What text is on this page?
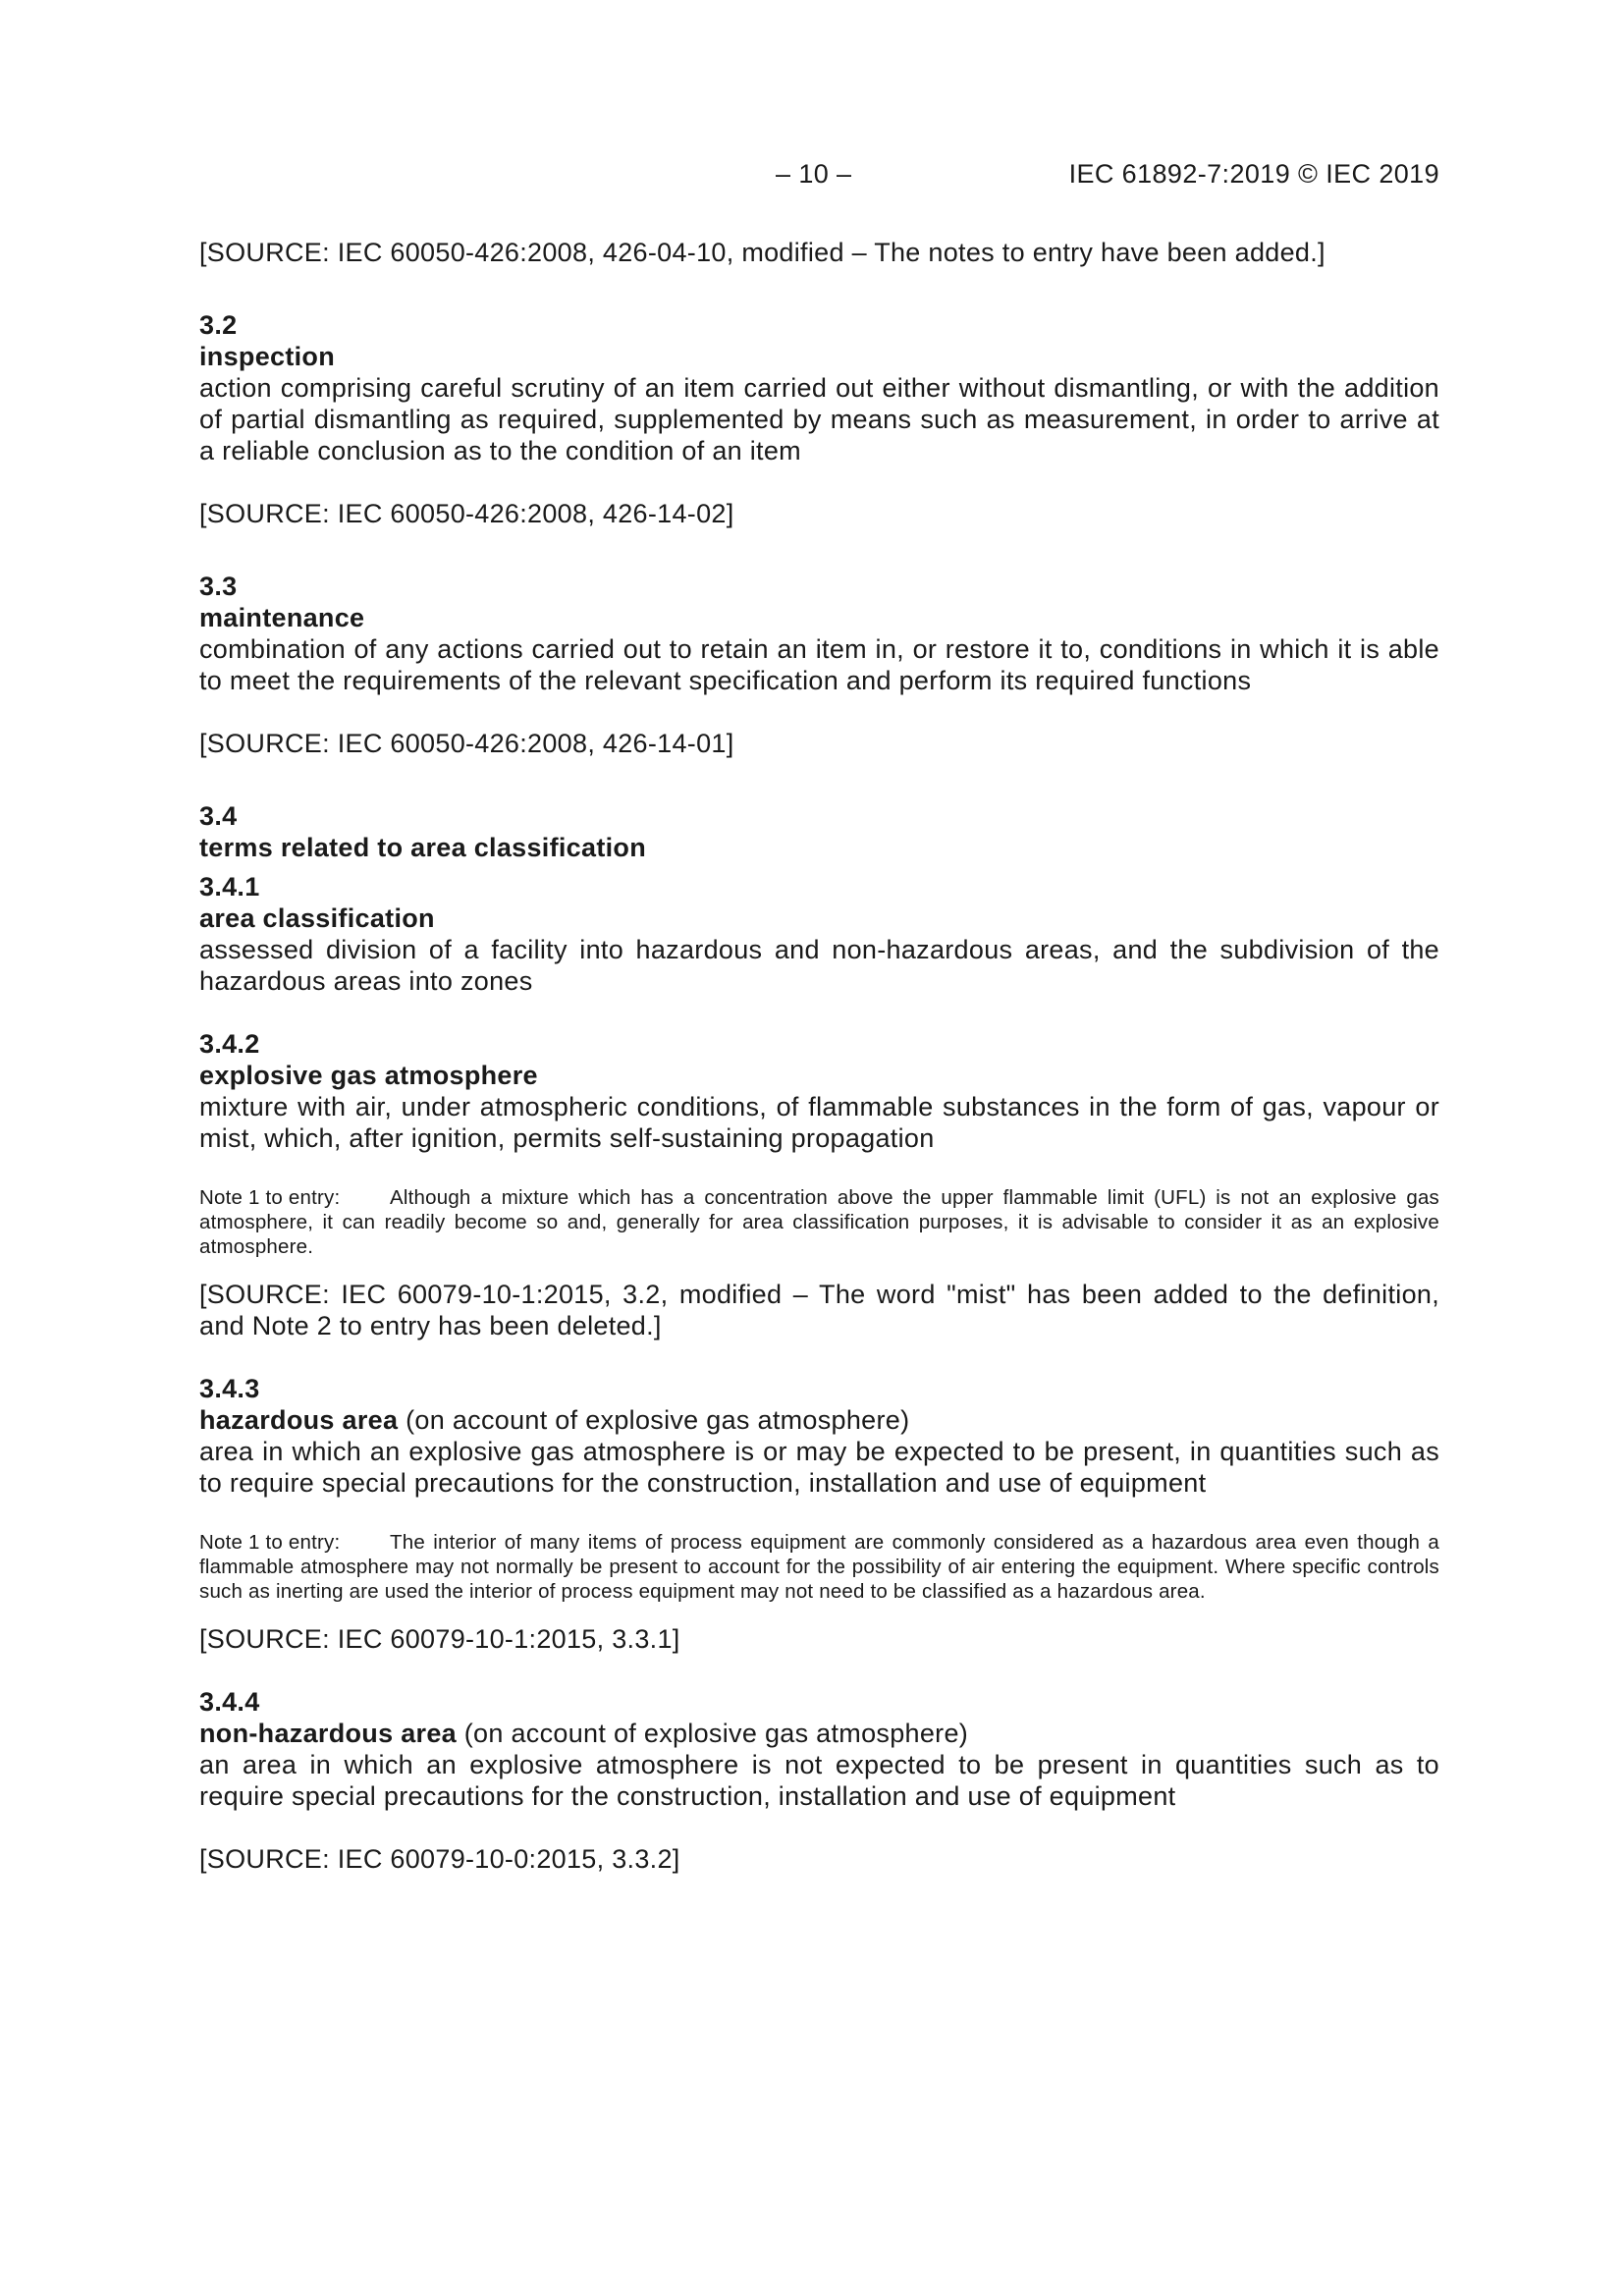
– 10 –	IEC 61892-7:2019 © IEC 2019

[SOURCE: IEC 60050-426:2008, 426-04-10, modified – The notes to entry have been added.]

3.2

inspection

action comprising careful scrutiny of an item carried out either without dismantling, or with the addition of partial dismantling as required, supplemented by means such as measurement, in order to arrive at a reliable conclusion as to the condition of an item

[SOURCE: IEC 60050-426:2008, 426-14-02]

3.3

maintenance

combination of any actions carried out to retain an item in, or restore it to, conditions in which it is able to meet the requirements of the relevant specification and perform its required functions

[SOURCE: IEC 60050-426:2008, 426-14-01]

3.4

terms related to area classification

3.4.1

area classification

assessed division of a facility into hazardous and non-hazardous areas, and the subdivision of the hazardous areas into zones

3.4.2

explosive gas atmosphere

mixture with air, under atmospheric conditions, of flammable substances in the form of gas, vapour or mist, which, after ignition, permits self-sustaining propagation

Note 1 to entry: Although a mixture which has a concentration above the upper flammable limit (UFL) is not an explosive gas atmosphere, it can readily become so and, generally for area classification purposes, it is advisable to consider it as an explosive atmosphere.

[SOURCE: IEC 60079-10-1:2015, 3.2, modified – The word "mist" has been added to the definition, and Note 2 to entry has been deleted.]

3.4.3

hazardous area (on account of explosive gas atmosphere)

area in which an explosive gas atmosphere is or may be expected to be present, in quantities such as to require special precautions for the construction, installation and use of equipment

Note 1 to entry: The interior of many items of process equipment are commonly considered as a hazardous area even though a flammable atmosphere may not normally be present to account for the possibility of air entering the equipment. Where specific controls such as inerting are used the interior of process equipment may not need to be classified as a hazardous area.

[SOURCE: IEC 60079-10-1:2015, 3.3.1]

3.4.4

non-hazardous area (on account of explosive gas atmosphere)

an area in which an explosive atmosphere is not expected to be present in quantities such as to require special precautions for the construction, installation and use of equipment

[SOURCE: IEC 60079-10-0:2015, 3.3.2]
